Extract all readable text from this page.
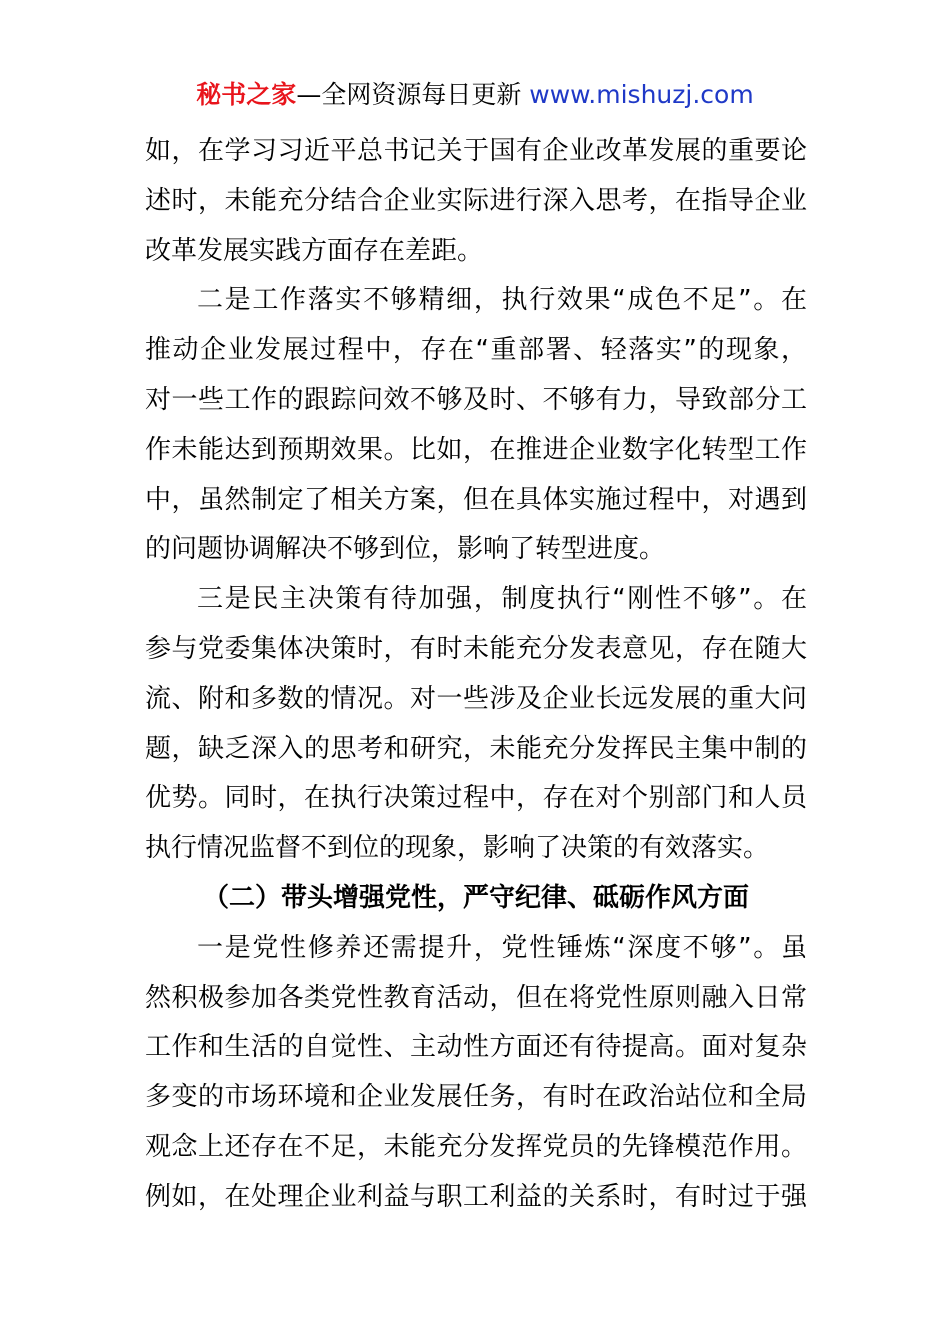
秘书之家—全网资源每日更新 www.mishuzj.com
如，在学习习近平总书记关于国有企业改革发展的重要论
述时，未能充分结合企业实际进行深入思考，在指导企业
改革发展实践方面存在差距。
二是工作落实不够精细，执行效果“成色不足”。在
推动企业发展过程中，存在“重部署、轻落实”的现象，
对一些工作的跟踪问效不够及时、不够有力，导致部分工
作未能达到预期效果。比如，在推进企业数字化转型工作
中，虽然制定了相关方案，但在具体实施过程中，对遇到
的问题协调解决不够到位，影响了转型进度。
三是民主决策有待加强，制度执行“刚性不够”。在
参与党委集体决策时，有时未能充分发表意见，存在随大
流、附和多数的情况。对一些涉及企业长远发展的重大问
题，缺乏深入的思考和研究，未能充分发挥民主集中制的
优势。同时，在执行决策过程中，存在对个别部门和人员
执行情况监督不到位的现象，影响了决策的有效落实。
（二）带头增强党性，严守纪律、砥砺作风方面
一是党性修养还需提升，党性锤炼“深度不够”。虽
然积极参加各类党性教育活动，但在将党性原则融入日常
工作和生活的自觉性、主动性方面还有待提高。面对复杂
多变的市场环境和企业发展任务，有时在政治站位和全局
观念上还存在不足，未能充分发挥党员的先锋模范作用。
例如，在处理企业利益与职工利益的关系时，有时过于强
